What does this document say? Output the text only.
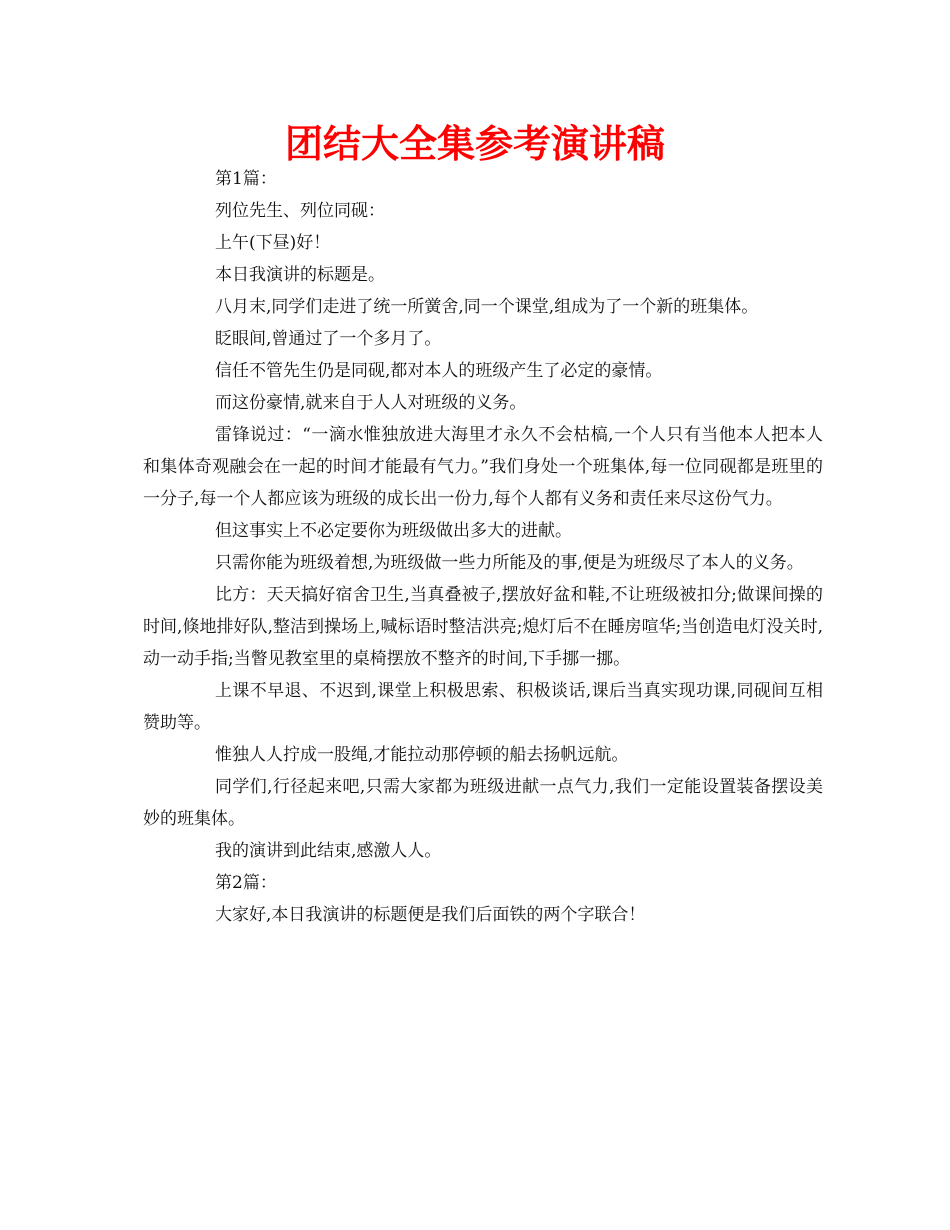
团结大全集参考演讲稿

第1篇：

列位先生、列位同砚：

上午(下昼)好！

本日我演讲的标题是。

八月末,同学们走进了统一所黉舍,同一个课堂,组成为了一个新的班集体。

眨眼间,曾通过了一个多月了。

信任不管先生仍是同砚,都对本人的班级产生了必定的豪情。

而这份豪情,就来自于人人对班级的义务。

雷锋说过：“一滴水惟独放进大海里才永久不会枯槁,一个人只有当他本人把本人和集体奇观融会在一起的时间才能最有气力。”我们身处一个班集体,每一位同砚都是班里的一分子,每一个人都应该为班级的成长出一份力,每个人都有义务和责任来尽这份气力。

但这事实上不必定要你为班级做出多大的进献。

只需你能为班级着想,为班级做一些力所能及的事,便是为班级尽了本人的义务。

比方：天天搞好宿舍卫生,当真叠被子,摆放好盆和鞋,不让班级被扣分;做课间操的时间,倏地排好队,整洁到操场上,喊标语时整洁洪亮;熄灯后不在睡房喧华;当创造电灯没关时,动一动手指;当瞥见教室里的桌椅摆放不整齐的时间,下手挪一挪。

上课不早退、不迟到,课堂上积极思索、积极谈话,课后当真实现功课,同砚间互相赞助等。

惟独人人拧成一股绳,才能拉动那停顿的船去扬帆远航。

同学们,行径起来吧,只需大家都为班级进献一点气力,我们一定能设置装备摆设美妙的班集体。

我的演讲到此结束,感激人人。

第2篇：

大家好,本日我演讲的标题便是我们后面铁的两个字联合！
